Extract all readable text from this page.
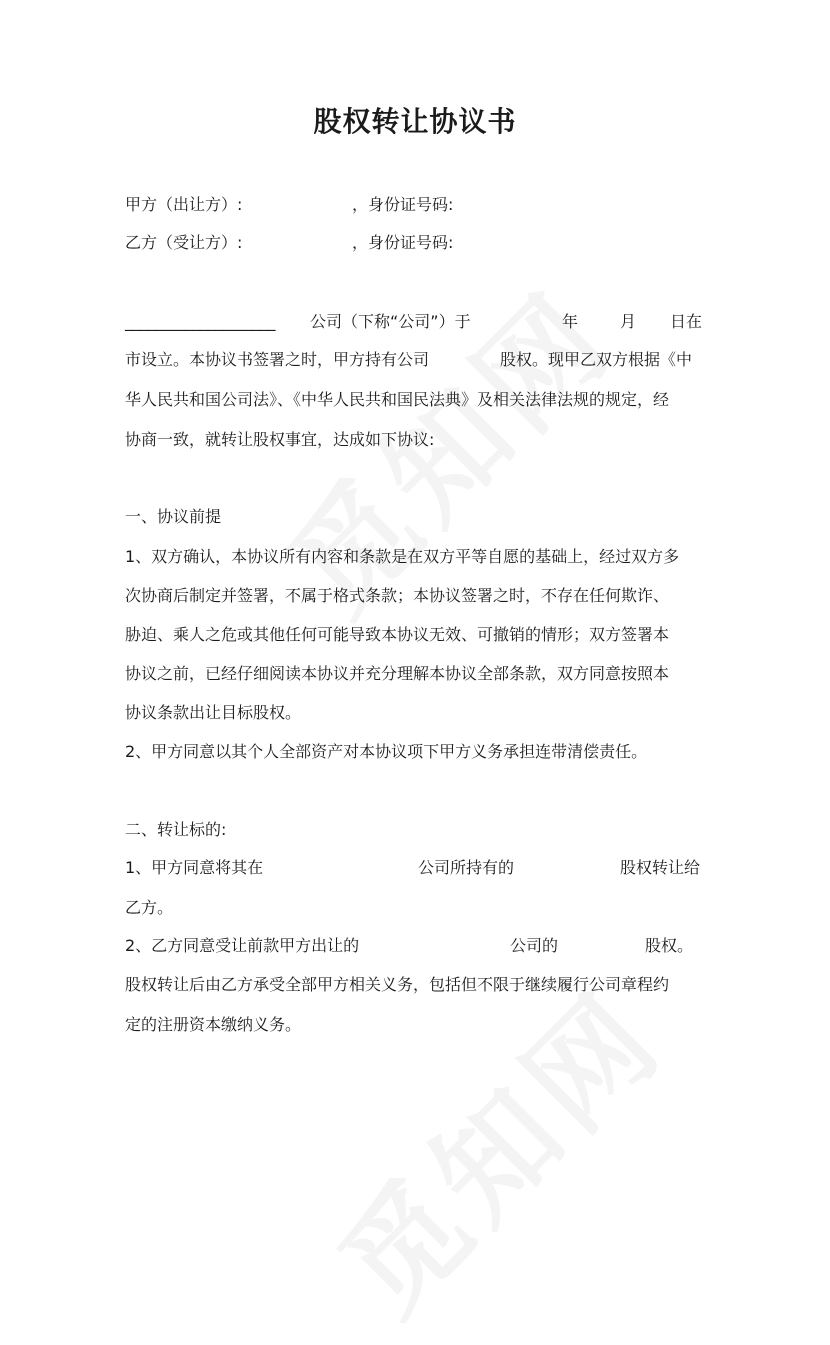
股权转让协议书
甲方（出让方）:	，身份证号码:
乙方（受让方）:	，身份证号码:
____________________ 公司（下称“公司”）于	年	月 日在
市设立。本协议书签署之时，甲方持有公司	股权。现甲乙双方根据《中
华人民共和国公司法》、《中华人民共和国民法典》及相关法律法规的规定，经
协商一致，就转让股权事宜，达成如下协议:
一、协议前提
1、双方确认，本协议所有内容和条款是在双方平等自愿的基础上，经过双方多
次协商后制定并签署，不属于格式条款；本协议签署之时，不存在任何欺诈、
胁迫、乘人之危或其他任何可能导致本协议无效、可撤销的情形；双方签署本
协议之前，已经仔细阅读本协议并充分理解本协议全部条款，双方同意按照本
协议条款出让目标股权。
2、甲方同意以其个人全部资产对本协议项下甲方义务承担连带清偿责任。
二、转让标的:
1、甲方同意将其在	公司所持有的	股权转让给
乙方。
2、乙方同意受让前款甲方出让的	公司的	股权。
股权转让后由乙方承受全部甲方相关义务，包括但不限于继续履行公司章程约
定的注册资本缴纳义务。
